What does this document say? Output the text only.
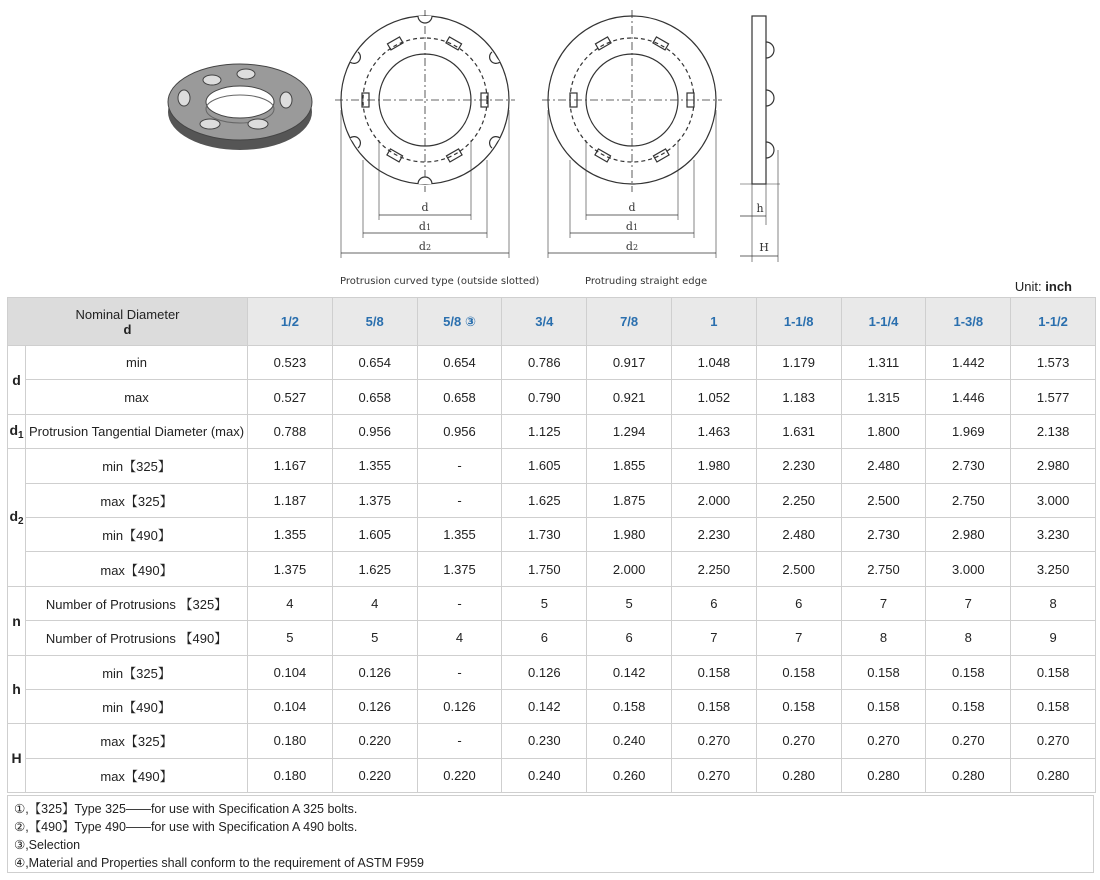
d
d1
d2
d
d1
d2
h
H
Protrusion curved type (outside slotted)	Protruding straight edge	Unit: inch
Nominal Diameter
d		1/2	5/8	5/8 ③	3/4	7/8	1	1-1/8	1-1/4	1-3/8	1-1/2
d	min	0.523	0.654	0.654	0.786	0.917	1.048	1.179	1.311	1.442	1.573
	max	0.527	0.658	0.658	0.790	0.921	1.052	1.183	1.315	1.446	1.577
$d_1$	Protrusion Tangential Diameter (max)	0.788	0.956	0.956	1.125	1.294	1.463	1.631	1.800	1.969	2.138
$d_2$	min【325】	1.167	1.355	-	1.605	1.855	1.980	2.230	2.480	2.730	2.980
	max【325】	1.187	1.375	-	1.625	1.875	2.000	2.250	2.500	2.750	3.000
	min【490】	1.355	1.605	1.355	1.730	1.980	2.230	2.480	2.730	2.980	3.230
	max【490】	1.375	1.625	1.375	1.750	2.000	2.250	2.500	2.750	3.000	3.250
n	Number of Protrusions 【325】	4	4	-	5	5	6	6	7	7	8
	Number of Protrusions 【490】	5	5	4	6	6	7	7	8	8	9
h	min【325】	0.104	0.126	-	0.126	0.142	0.158	0.158	0.158	0.158	0.158
	min【490】	0.104	0.126	0.126	0.142	0.158	0.158	0.158	0.158	0.158	0.158
H	max【325】	0.180	0.220	-	0.230	0.240	0.270	0.270	0.270	0.270	0.270
	max【490】	0.180	0.220	0.220	0.240	0.260	0.270	0.280	0.280	0.280	0.280
①,【325】Type 325——for use with Specification A 325 bolts.
②,【490】Type 490——for use with Specification A 490 bolts.
③,Selection
④,Material and Properties shall conform to the requirement of ASTM F959
